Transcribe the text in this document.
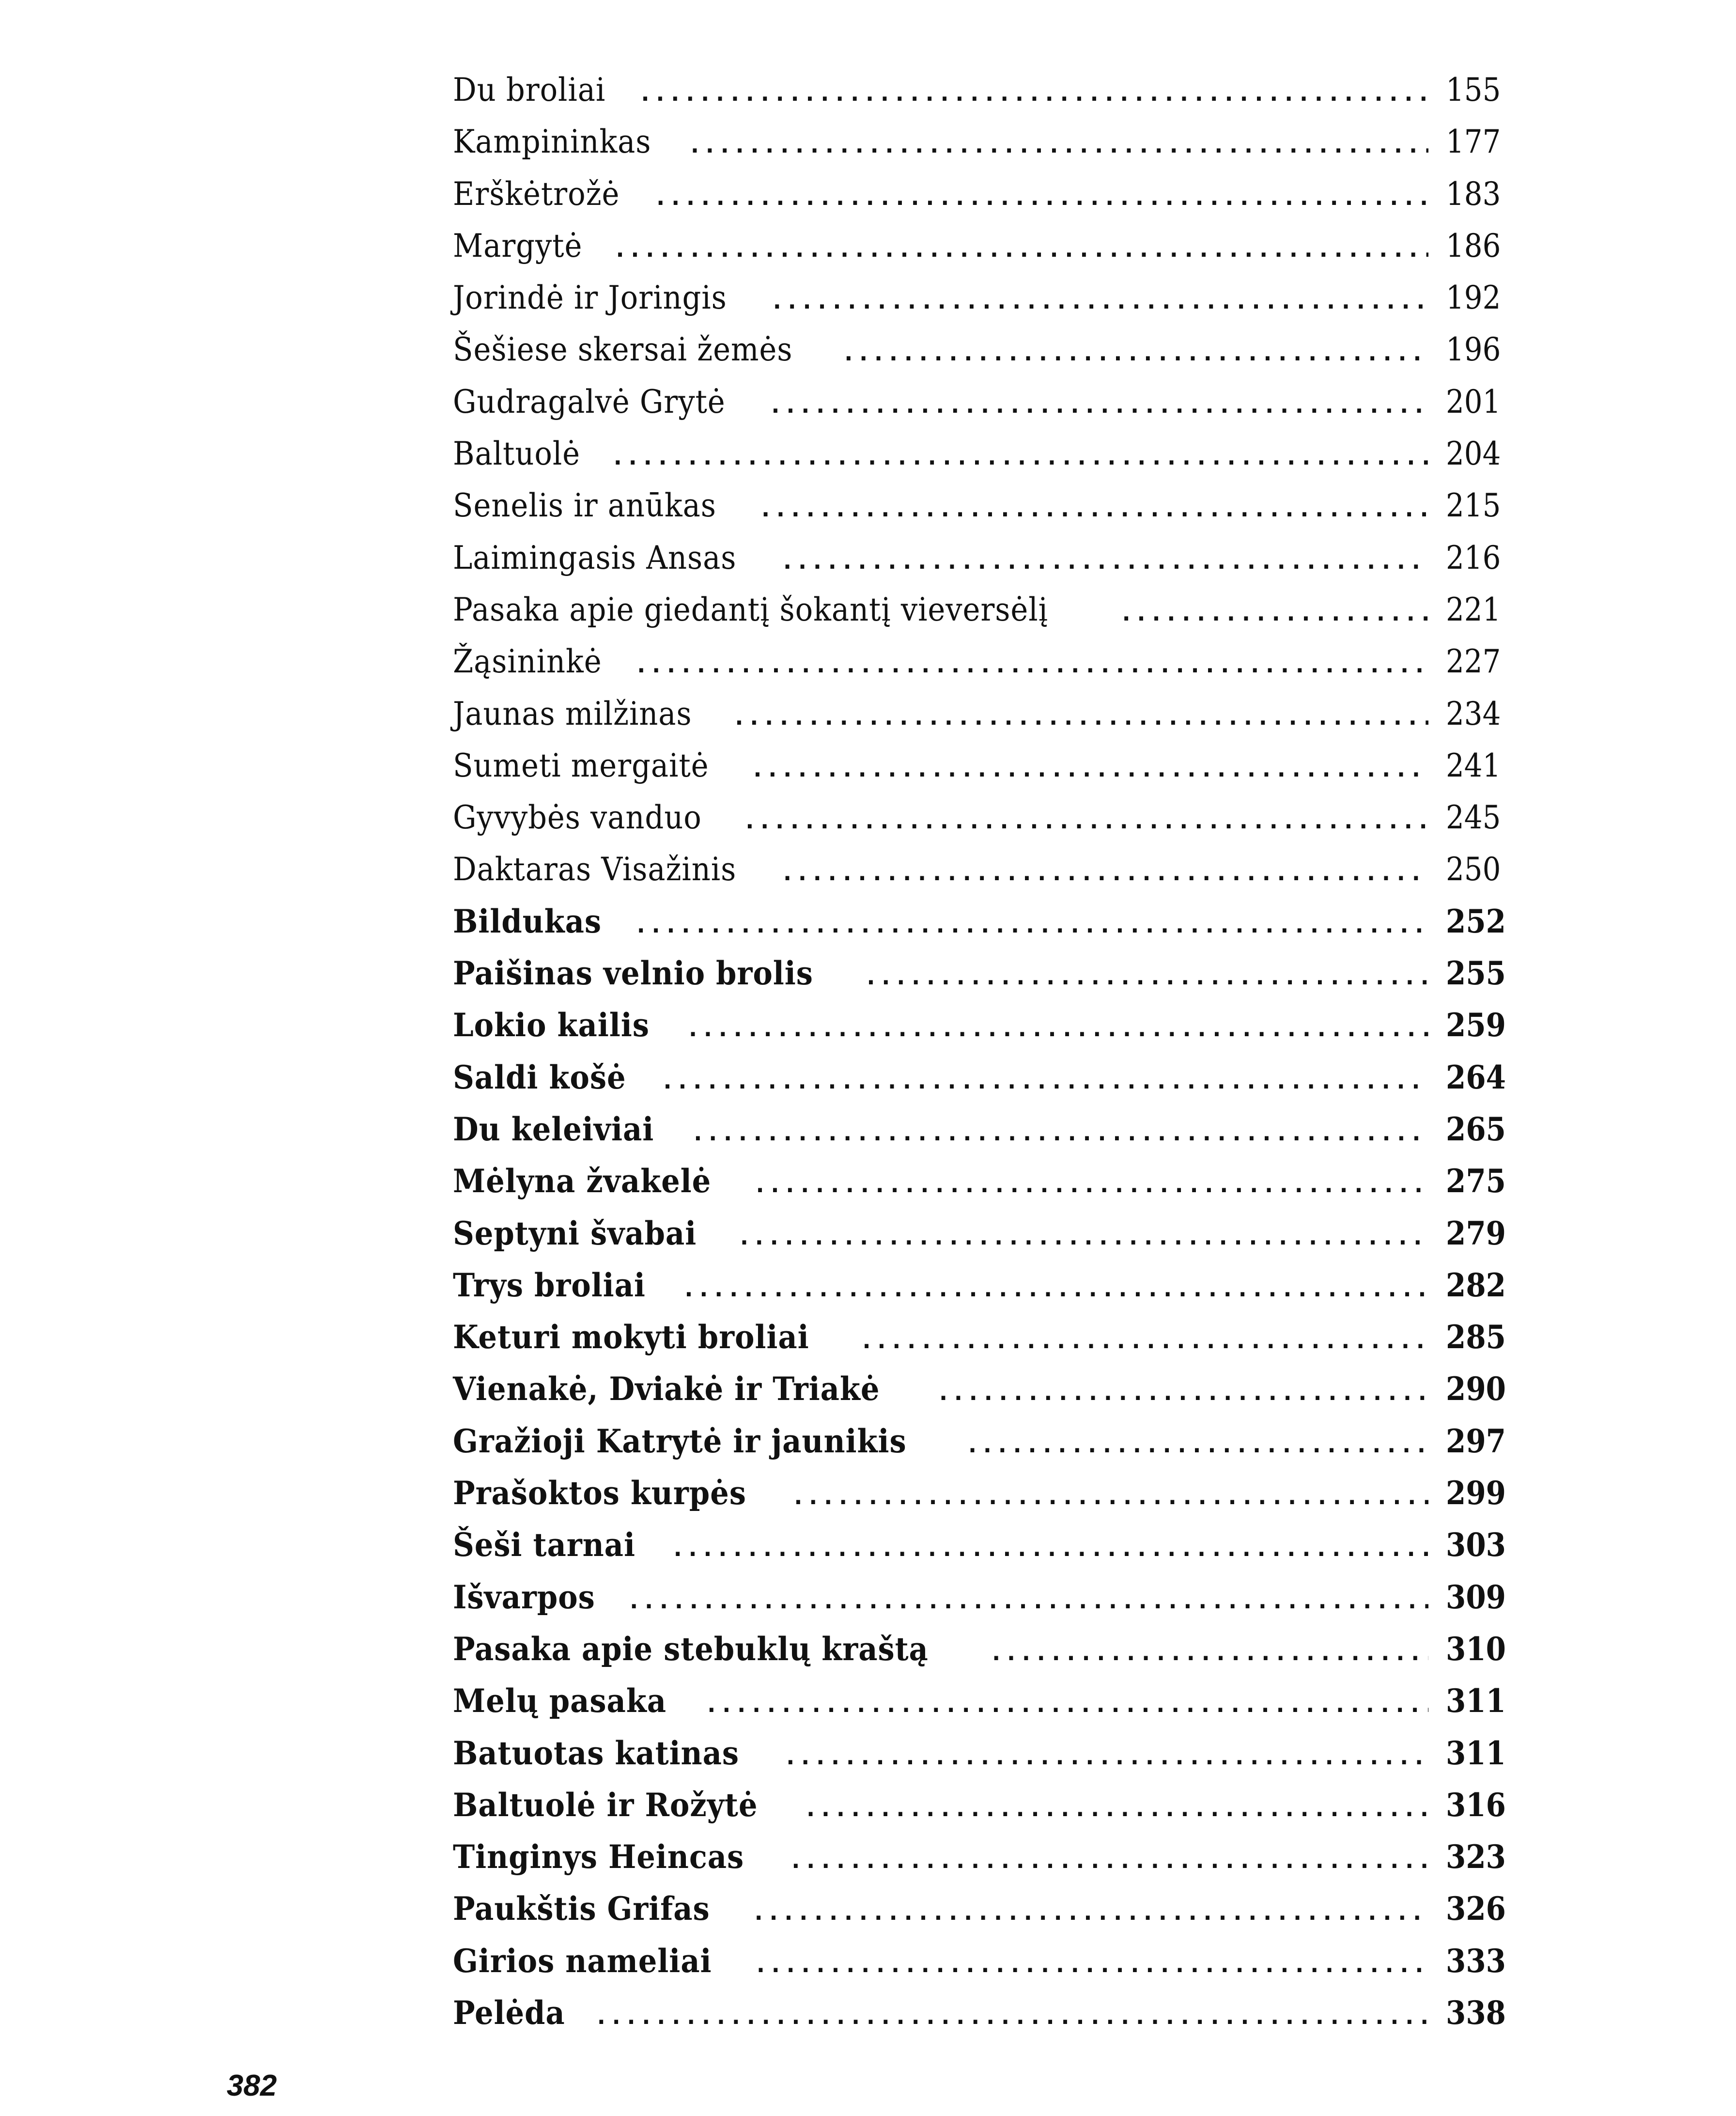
Du broliai .....	155
Kampininkas .....	177
Erškėtrožė .....	183
Margytė .....	186
Jorindė ir Joringis .....	192
Šešiese skersai žemės .....	196
Gudragalvė Grytė .....	201
Baltuolė .....	204
Senelis ir anūkas .....	215
Laimingasis Ansas .....	216
Pasaka apie giedantį šokantį vieversėlį .....	221
Žąsininkė .....	227
Jaunas milžinas .....	234
Sumeti mergaitė .....	241
Gyvybės vanduo .....	245
Daktaras Visažinis .....	250
Bildukas .....	252
Paišinas velnio brolis .....	255
Lokio kailis .....	259
Saldi košė .....	264
Du keleiviai .....	265
Mėlyna žvakelė .....	275
Septyni švabai .....	279
Trys broliai .....	282
Keturi mokyti broliai .....	285
Vienakė, Dviakė ir Triakė .....	290
Gražioji Katrytė ir jaunikis .....	297
Prašoktos kurpės .....	299
Šeši tarnai .....	303
Išvarpos .....	309
Pasaka apie stebuklų kraštą .....	310
Melų pasaka .....	311
Batuotas katinas .....	311
Baltuolė ir Rožytė .....	316
Tinginys Heincas .....	323
Paukštis Grifas .....	326
Girios nameliai .....	333
Pelėda .....	338
382
